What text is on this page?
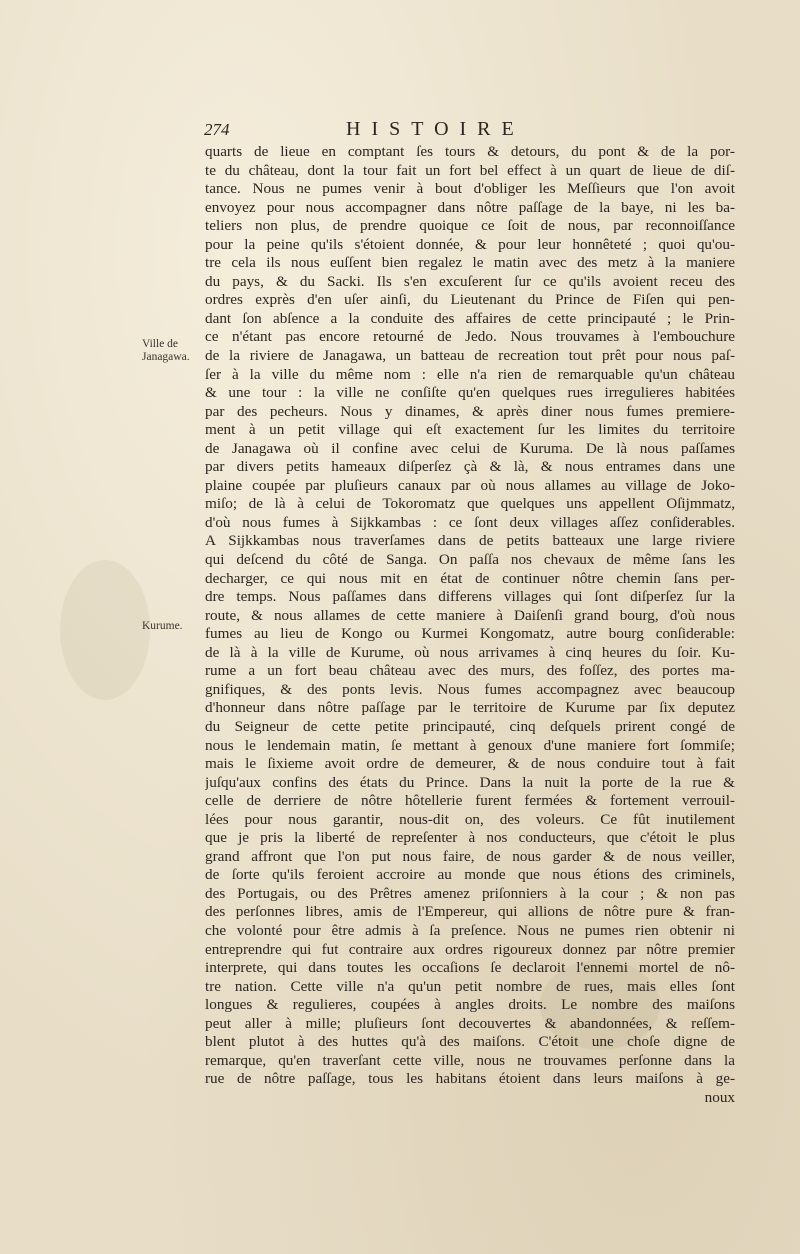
274	HISTOIRE
Ville de
Janagawa.
Kurume.
quarts de lieue en comptant ſes tours & detours, du pont & de la por-
te du château, dont la tour fait un fort bel effect à un quart de lieue de diſ-
tance. Nous ne pumes venir à bout d'obliger les Meſſieurs que l'on avoit
envoyez pour nous accompagner dans nôtre paſſage de la baye, ni les ba-
teliers non plus, de prendre quoique ce ſoit de nous, par reconnoiſſance
pour la peine qu'ils s'étoient donnée, & pour leur honnêteté ; quoi qu'ou-
tre cela ils nous euſſent bien regalez le matin avec des metz à la maniere
du pays, & du Sacki. Ils s'en excuſerent ſur ce qu'ils avoient receu des
ordres exprès d'en uſer ainſi, du Lieutenant du Prince de Fiſen qui pen-
dant ſon abſence a la conduite des affaires de cette principauté ; le Prin-
ce n'étant pas encore retourné de Jedo. Nous trouvames à l'embouchure
de la riviere de Janagawa, un batteau de recreation tout prêt pour nous paſ-
ſer à la ville du même nom : elle n'a rien de remarquable qu'un château
& une tour : la ville ne conſiſte qu'en quelques rues irregulieres habitées
par des pecheurs. Nous y dinames, & après diner nous fumes premiere-
ment à un petit village qui eſt exactement ſur les limites du territoire
de Janagawa où il confine avec celui de Kuruma. De là nous paſſames
par divers petits hameaux diſperſez çà & là, & nous entrames dans une
plaine coupée par pluſieurs canaux par où nous allames au village de Joko-
miſo; de là à celui de Tokoromatz que quelques uns appellent Oſijmmatz,
d'où nous fumes à Sijkkambas : ce ſont deux villages aſſez conſiderables.
A Sijkkambas nous traverſames dans de petits batteaux une large riviere
qui deſcend du côté de Sanga. On paſſa nos chevaux de même ſans les
decharger, ce qui nous mit en état de continuer nôtre chemin ſans per-
dre temps. Nous paſſames dans differens villages qui ſont diſperſez ſur la
route, & nous allames de cette maniere à Daiſenſi grand bourg, d'où nous
fumes au lieu de Kongo ou Kurmei Kongomatz, autre bourg conſiderable:
de là à la ville de Kurume, où nous arrivames à cinq heures du ſoir. Ku-
rume a un fort beau château avec des murs, des foſſez, des portes ma-
gnifiques, & des ponts levis. Nous fumes accompagnez avec beaucoup
d'honneur dans nôtre paſſage par le territoire de Kurume par ſix deputez
du Seigneur de cette petite principauté, cinq deſquels prirent congé de
nous le lendemain matin, ſe mettant à genoux d'une maniere fort ſommiſe;
mais le ſixieme avoit ordre de demeurer, & de nous conduire tout à fait
juſqu'aux confins des états du Prince. Dans la nuit la porte de la rue &
celle de derriere de nôtre hôtellerie furent fermées & fortement verrouil-
lées pour nous garantir, nous-dit on, des voleurs. Ce fût inutilement
que je pris la liberté de repreſenter à nos conducteurs, que c'étoit le plus
grand affront que l'on put nous faire, de nous garder & de nous veiller,
de ſorte qu'ils feroient accroire au monde que nous étions des criminels,
des Portugais, ou des Prêtres amenez priſonniers à la cour ; & non pas
des perſonnes libres, amis de l'Empereur, qui allions de nôtre pure & fran-
che volonté pour être admis à ſa preſence. Nous ne pumes rien obtenir ni
entreprendre qui fut contraire aux ordres rigoureux donnez par nôtre premier
interprete, qui dans toutes les occaſions ſe declaroit l'ennemi mortel de nô-
tre nation. Cette ville n'a qu'un petit nombre de rues, mais elles ſont
longues & regulieres, coupées à angles droits. Le nombre des maiſons
peut aller à mille; pluſieurs ſont decouvertes & abandonnées, & reſſem-
blent plutot à des huttes qu'à des maiſons. C'étoit une choſe digne de
remarque, qu'en traverſant cette ville, nous ne trouvames perſonne dans la
rue de nôtre paſſage, tous les habitans étoient dans leurs maiſons à ge-
noux
